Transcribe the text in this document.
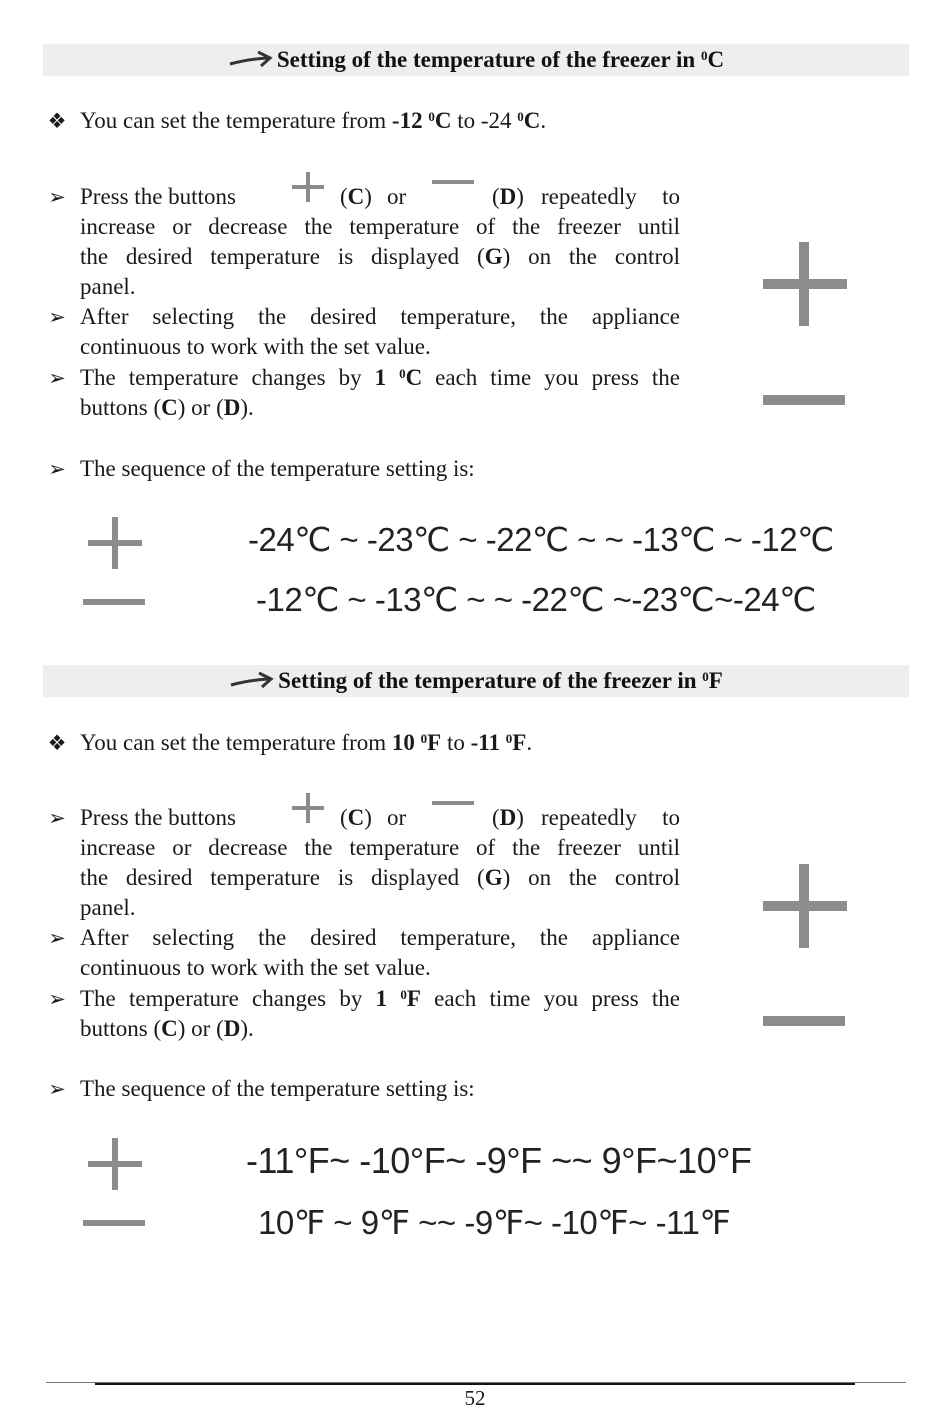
Setting of the temperature of the freezer in
$^0$ C
❖ You can set the temperature from -12 $^0$C to -24 $^0$C.
➢ Press the buttons	(C) or	(D) repeatedly to
increase or decrease the temperature of the freezer until
the desired temperature is displayed (G) on the control
panel.
➢ After selecting the desired temperature, the appliance
continuous to work with the set value.
➢ The temperature changes by 1 $^0$C each time you press the
buttons (C) or (D).
➢ The sequence of the temperature setting is:
-24℃ ~ -23℃ ~ -22℃ ~ ~ -13℃ ~ -12℃
-12℃ ~ -13℃ ~ ~ -22℃ ~-23℃~-24℃
Setting of the temperature of the freezer in
$^0$ F
❖ You can set the temperature from 10 $^0$F to -11 $^0$F.
➢ Press the buttons	(C) or	(D) repeatedly to
increase or decrease the temperature of the freezer until
the desired temperature is displayed (G) on the control
panel.
➢ After selecting the desired temperature, the appliance
continuous to work with the set value.
➢ The temperature changes by 1 $^0$F each time you press the
buttons (C) or (D).
➢ The sequence of the temperature setting is:
-11°F~ -10°F~ -9°F ~~ 9°F~10°F
10℉ ~ 9℉ ~~ -9℉~ -10℉~ -11℉
52
